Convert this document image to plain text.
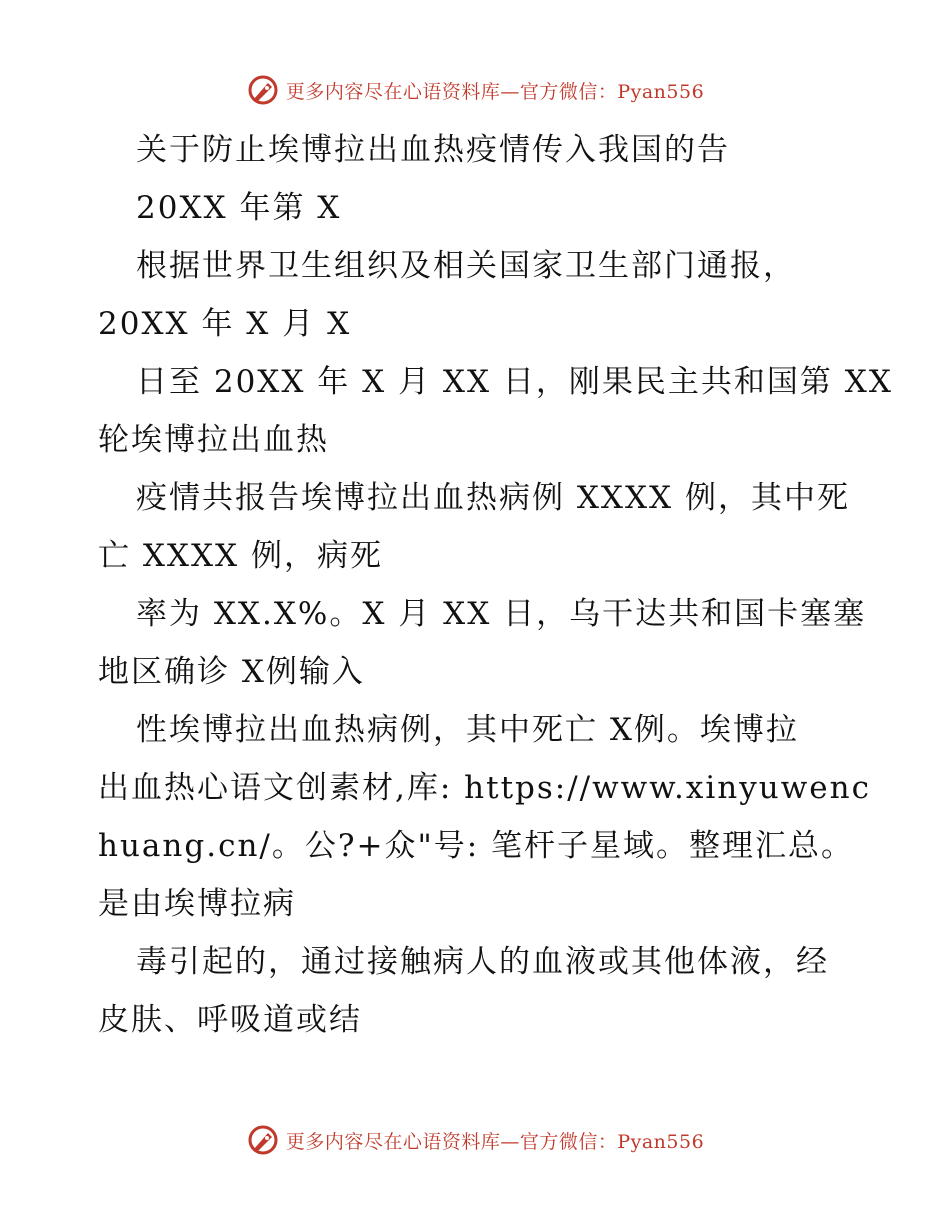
更多内容尽在心语资料库—官方微信：Pyan556
关于防止埃博拉出血热疫情传入我国的告
20XX 年第 X
根据世界卫生组织及相关国家卫生部门通报，
20XX 年 X 月 X
日至 20XX 年 X 月 XX 日，刚果民主共和国第 XX
轮埃博拉出血热
疫情共报告埃博拉出血热病例 XXXX 例，其中死
亡 XXXX 例，病死
率为 XX.X%。X 月 XX 日，乌干达共和国卡塞塞
地区确诊 X例输入
性埃博拉出血热病例，其中死亡 X例。埃博拉
出血热心语文创素材,库: https://www.xinyuwenc
huang.cn/。公?+众"号: 笔杆子星域。整理汇总。
是由埃博拉病
毒引起的，通过接触病人的血液或其他体液，经
皮肤、呼吸道或结
更多内容尽在心语资料库—官方微信：Pyan556
